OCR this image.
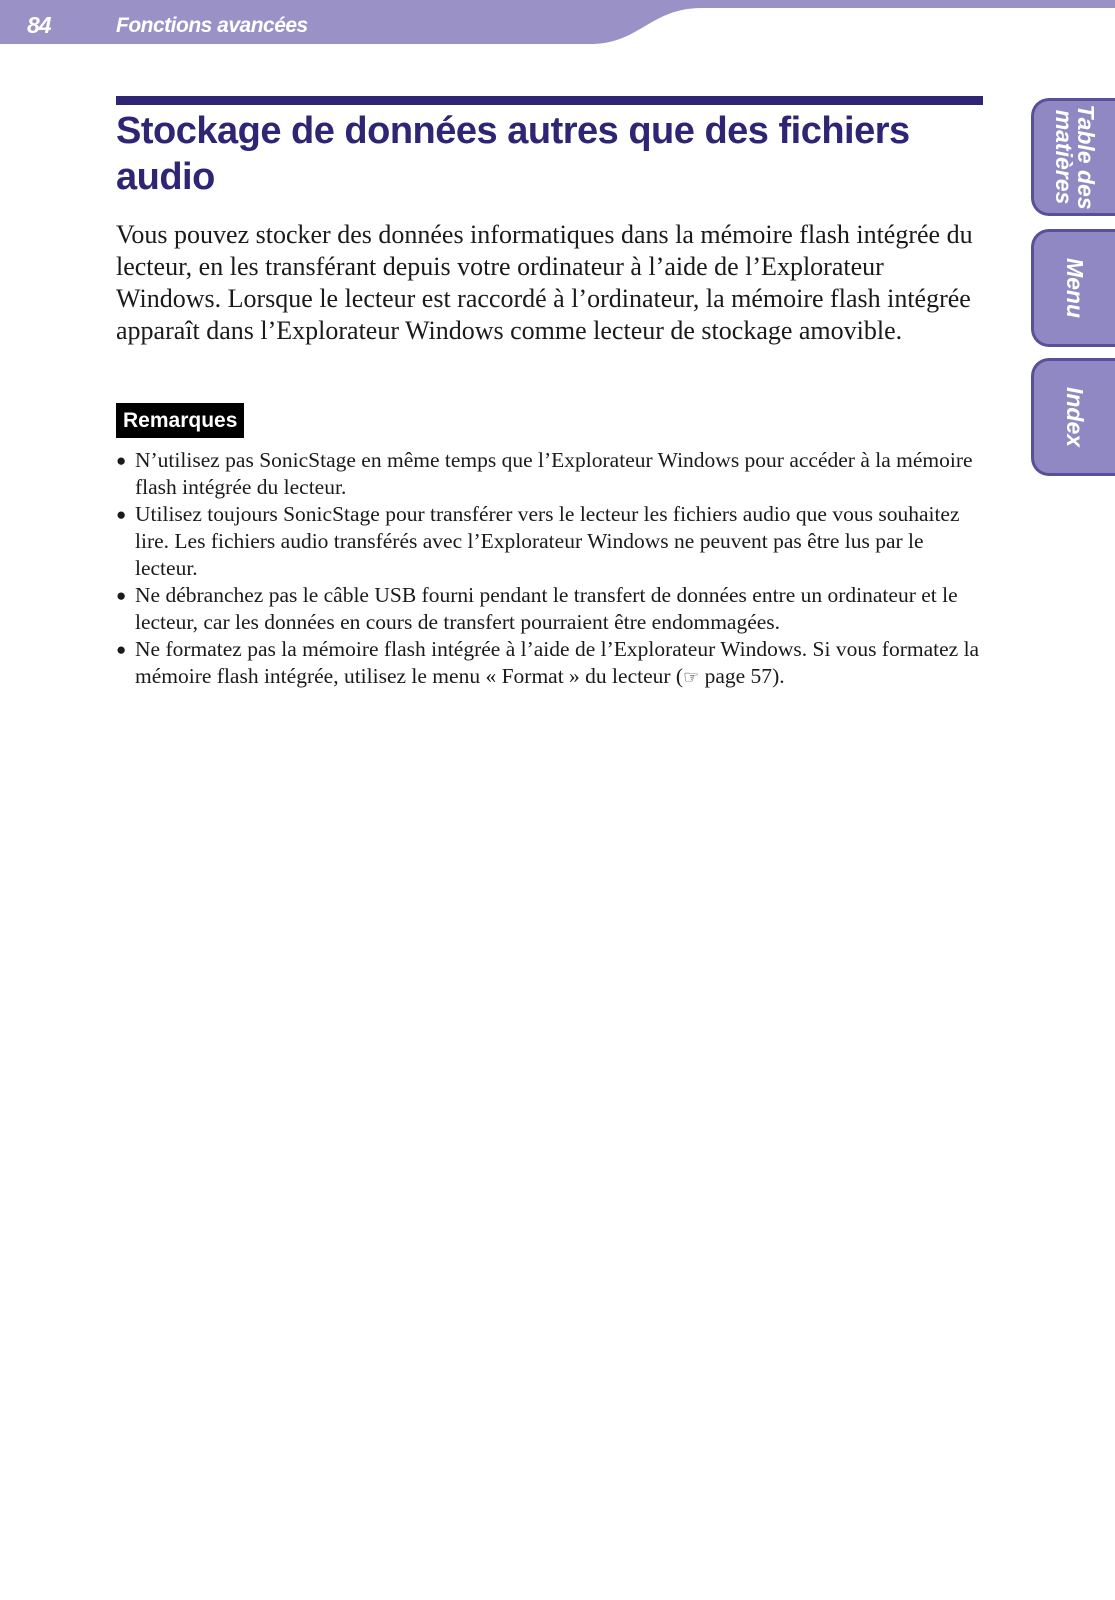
84	Fonctions avancées
Stockage de données autres que des fichiers audio

Vous pouvez stocker des données informatiques dans la mémoire flash intégrée du lecteur, en les transférant depuis votre ordinateur à l’aide de l’Explorateur Windows. Lorsque le lecteur est raccordé à l’ordinateur, la mémoire flash intégrée apparaît dans l’Explorateur Windows comme lecteur de stockage amovible.

Remarques
● N’utilisez pas SonicStage en même temps que l’Explorateur Windows pour accéder à la mémoire flash intégrée du lecteur.
● Utilisez toujours SonicStage pour transférer vers le lecteur les fichiers audio que vous souhaitez lire. Les fichiers audio transférés avec l’Explorateur Windows ne peuvent pas être lus par le lecteur.
● Ne débranchez pas le câble USB fourni pendant le transfert de données entre un ordinateur et le lecteur, car les données en cours de transfert pourraient être endommagées.
● Ne formatez pas la mémoire flash intégrée à l’aide de l’Explorateur Windows. Si vous formatez la mémoire flash intégrée, utilisez le menu « Format » du lecteur (☞ page 57).
Table des
matières
Menu
Index
